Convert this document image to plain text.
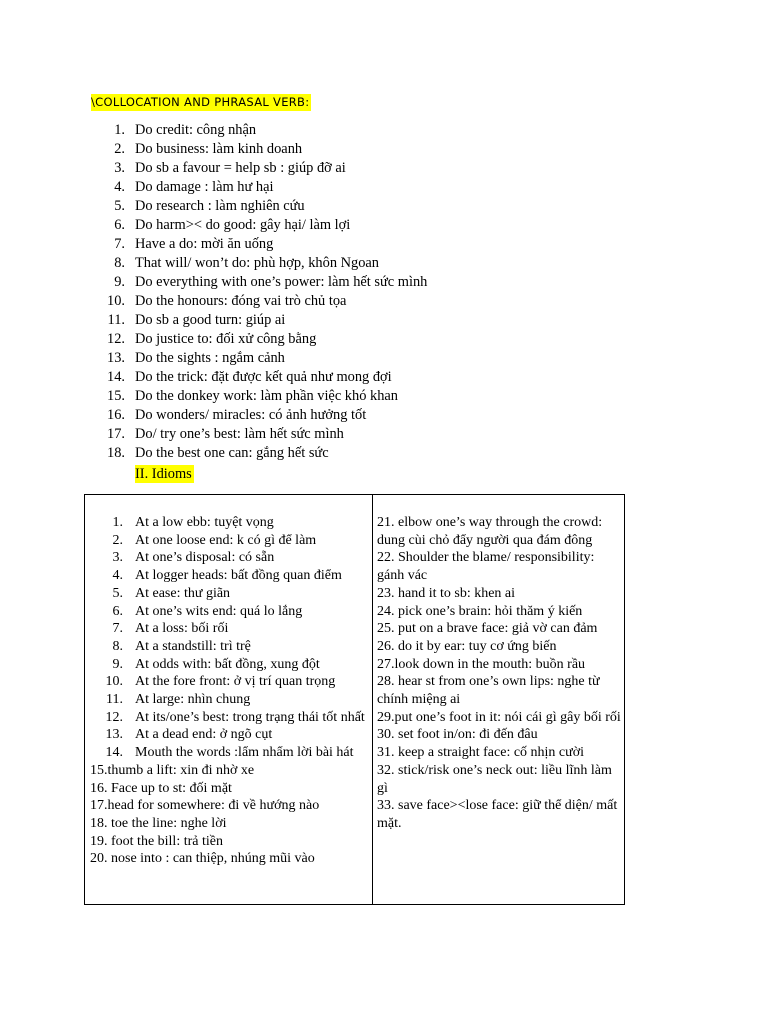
\COLLOCATION AND PHRASAL VERB:
1. Do credit: công nhận
2. Do business: làm kinh doanh
3. Do sb a favour = help sb : giúp đỡ ai
4. Do damage : làm hư hại
5. Do research : làm nghiên cứu
6. Do harm>< do good: gây hại/ làm lợi
7. Have a do: mời ăn uống
8. That will/ won’t do: phù hợp, khôn Ngoan
9. Do everything with one’s power: làm hết sức mình
10. Do the honours: đóng vai trò chủ tọa
11. Do sb a good turn: giúp ai
12. Do justice to: đối xử công bằng
13. Do the sights : ngắm cảnh
14. Do the trick: đặt được kết quả như mong đợi
15. Do the donkey work: làm phần việc khó khan
16. Do wonders/ miracles: có ảnh hưởng tốt
17. Do/ try one’s best: làm hết sức mình
18. Do the best one can: gắng hết sức
II. Idioms
1. At a low ebb: tuyệt vọng
2. At one loose end: k có gì để làm
3. At one’s disposal: có sẵn
4. At logger heads: bất đồng quan điểm
5. At ease: thư giãn
6. At one’s wits end: quá lo lắng
7. At a loss: bối rối
8. At a standstill: trì trệ
9. At odds with: bất đồng, xung đột
10. At the fore front: ở vị trí quan trọng
11. At large: nhìn chung
12. At its/one’s best: trong trạng thái tốt nhất
13. At a dead end: ở ngõ cụt
14. Mouth the words :lẩm nhẩm lời bài hát
15.thumb a lift: xin đi nhờ xe
16. Face up to st: đối mặt
17.head for somewhere: đi về hướng nào
18. toe the line: nghe lời
19. foot the bill: trả tiền
20. nose into : can thiệp, nhúng mũi vào
21. elbow one’s way through the crowd: dung cùi chỏ đẩy người qua đám đông
22. Shoulder the blame/ responsibility: gánh vác
23. hand it to sb: khen ai
24. pick one’s brain: hỏi thăm ý kiến
25. put on a brave face: giả vờ can đảm
26. do it by ear: tuy cơ ứng biến
27.look down in the mouth: buồn rầu
28. hear st from one’s own lips: nghe từ chính miệng ai
29.put one’s foot in it: nói cái gì gây bối rối
30. set foot in/on: đi đến đâu
31. keep a straight face: cố nhịn cười
32. stick/risk one’s neck out: liều lĩnh làm gì
33. save face><lose face: giữ thể diện/ mất mặt.
